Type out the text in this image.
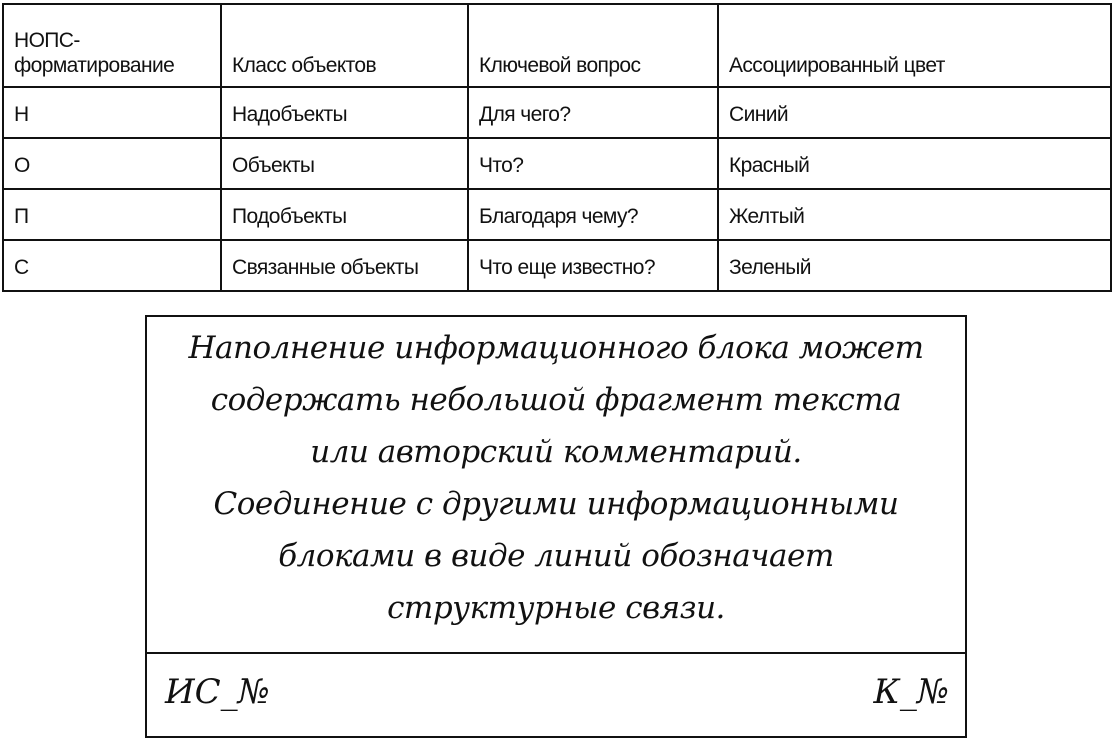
НОПС-
форматирование	Класс объектов	Ключевой вопрос	Ассоциированный цвет
Н	Надобъекты	Для чего?	Синий
О	Объекты	Что?	Красный
П	Подобъекты	Благодаря чему?	Желтый
С	Связанные объекты	Что еще известно?	Зеленый
Наполнение информационного блока может
содержать небольшой фрагмент текста
или авторский комментарий.
Соединение с другими информационными
блоками в виде линий обозначает
структурные связи.
ИС_№	К_№
